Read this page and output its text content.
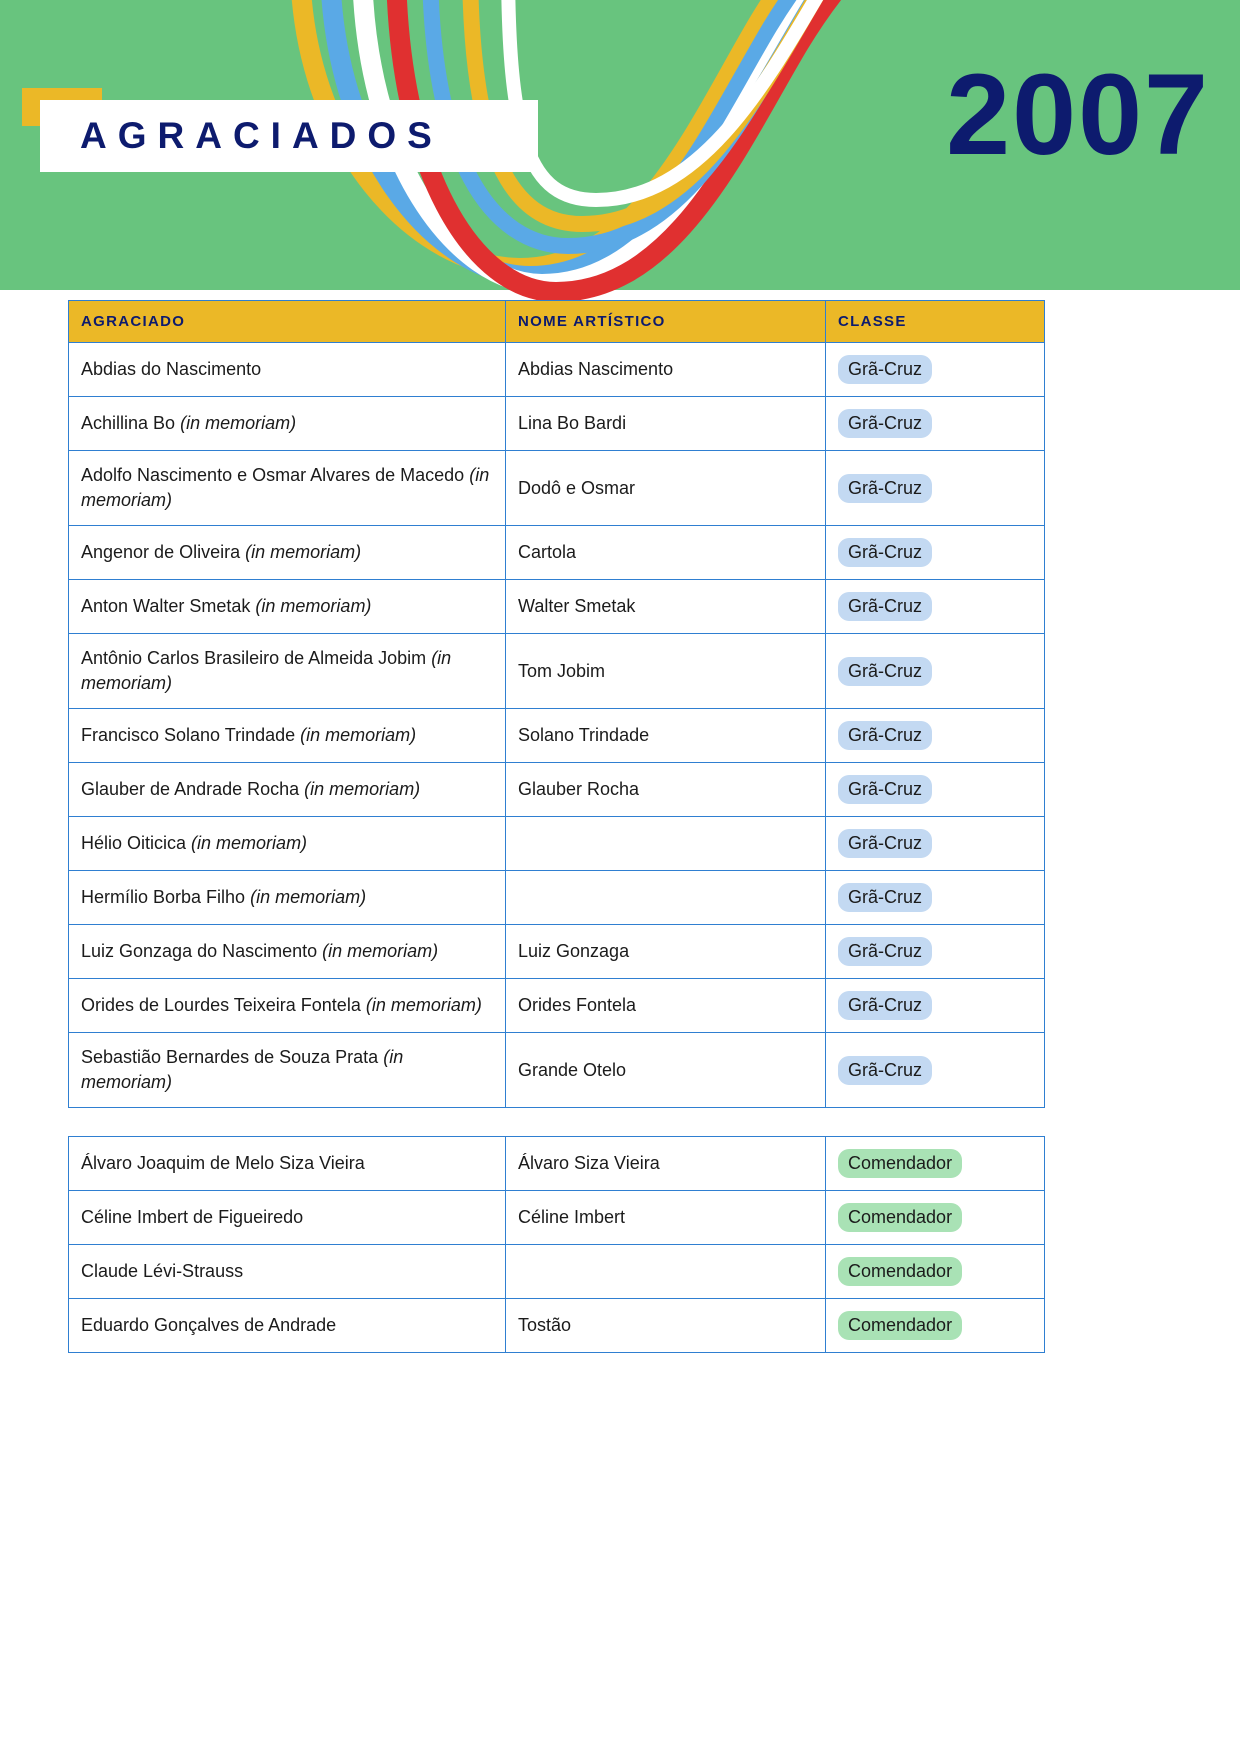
AGRACIADOS	2007
AGRACIADO	NOME ARTÍSTICO	CLASSE
Abdias do Nascimento	Abdias Nascimento	Grã-Cruz
Achillina Bo (in memoriam)	Lina Bo Bardi	Grã-Cruz
Adolfo Nascimento e Osmar Alvares de Macedo (in memoriam)	Dodô e Osmar	Grã-Cruz
Angenor de Oliveira (in memoriam)	Cartola	Grã-Cruz
Anton Walter Smetak (in memoriam)	Walter Smetak	Grã-Cruz
Antônio Carlos Brasileiro de Almeida Jobim (in memoriam)	Tom Jobim	Grã-Cruz
Francisco Solano Trindade (in memoriam)	Solano Trindade	Grã-Cruz
Glauber de Andrade Rocha (in memoriam)	Glauber Rocha	Grã-Cruz
Hélio Oiticica (in memoriam)		Grã-Cruz
Hermílio Borba Filho (in memoriam)		Grã-Cruz
Luiz Gonzaga do Nascimento (in memoriam)	Luiz Gonzaga	Grã-Cruz
Orides de Lourdes Teixeira Fontela (in memoriam)	Orides Fontela	Grã-Cruz
Sebastião Bernardes de Souza Prata (in memoriam)	Grande Otelo	Grã-Cruz
Álvaro Joaquim de Melo Siza Vieira	Álvaro Siza Vieira	Comendador
Céline Imbert de Figueiredo	Céline Imbert	Comendador
Claude Lévi-Strauss		Comendador
Eduardo Gonçalves de Andrade	Tostão	Comendador
